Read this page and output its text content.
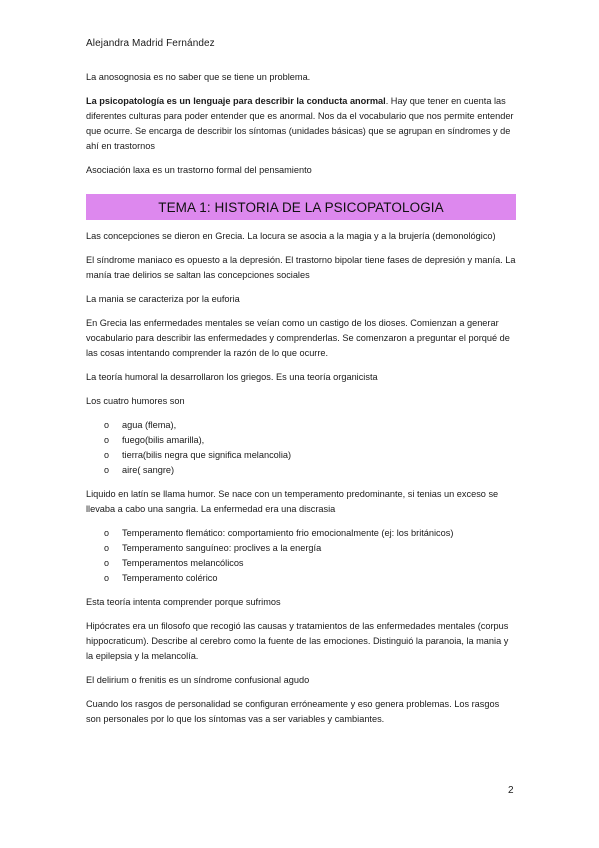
Alejandra Madrid Fernández

La anosognosia es no saber que se tiene un problema.

La psicopatología es un lenguaje para describir la conducta anormal. Hay que tener en cuenta las diferentes culturas para poder entender que es anormal. Nos da el vocabulario que nos permite entender que ocurre. Se encarga de describir los síntomas (unidades básicas) que se agrupan en síndromes y de ahí en trastornos

Asociación laxa es un trastorno formal del pensamiento

TEMA 1: HISTORIA DE LA PSICOPATOLOGIA

Las concepciones se dieron en Grecia. La locura se asocia a la magia y a la brujería (demonológico)

El síndrome maniaco es opuesto a la depresión. El trastorno bipolar tiene fases de depresión y manía. La manía trae delirios se saltan las concepciones sociales

La mania se caracteriza por la euforia

En Grecia las enfermedades mentales se veían como un castigo de los dioses. Comienzan a generar vocabulario para describir las enfermedades y comprenderlas. Se comenzaron a preguntar el porqué de las cosas intentando comprender la razón de lo que ocurre.

La teoría humoral la desarrollaron los griegos. Es una teoría organicista

Los cuatro humores son

o agua (flema),
o fuego(bilis amarilla),
o tierra(bilis negra que significa melancolia)
o aire( sangre)

Liquido en latín se llama humor. Se nace con un temperamento predominante, si tenias un exceso se llevaba a cabo una sangria. La enfermedad era una discrasia

o Temperamento flemático: comportamiento frio emocionalmente (ej: los británicos)
o Temperamento sanguíneo: proclives a la energía
o Temperamentos melancólicos
o Temperamento colérico

Esta teoría intenta comprender porque sufrimos

Hipócrates era un filosofo que recogió las causas y tratamientos de las enfermedades mentales (corpus hippocraticum). Describe al cerebro como la fuente de las emociones. Distinguió la paranoia, la mania y la epilepsia y la melancolía.

El delirium o frenitis es un síndrome confusional agudo

Cuando los rasgos de personalidad se configuran erróneamente y eso genera problemas. Los rasgos son personales por lo que los síntomas vas a ser variables y cambiantes.

2
